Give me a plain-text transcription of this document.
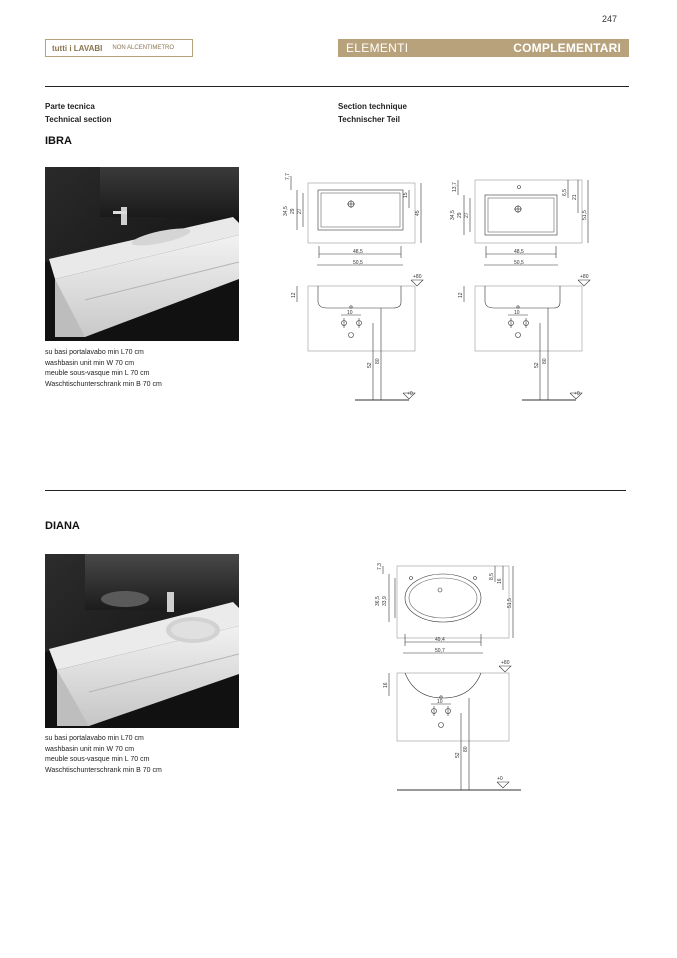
247
tutti i LAVABI NON ALCENTIMETRO	ELEMENTI	COMPLEMENTARI
Parte tecnica
Technical section
Section technique
Technischer Teil
IBRA
su basi portalavabo min L70 cm
washbasin unit min W 70 cm
meuble sous-vasque min L 70 cm
Waschtischunterschrank min B 70 cm
7,7
34,5 29 27
15
45
48,5
50,5
12
10
52
80
+80
+0
13,7
34,5 29 27
6,5
21
51,5
48,5
50,5
12
10
52
80
+80
+0
DIANA
su basi portalavabo min L70 cm
washbasin unit min W 70 cm
meuble sous-vasque min L 70 cm
Waschtischunterschrank min B 70 cm
7,3
36,5 33,9
8,5
16
51,5
49,4
50,7
16
10
52
80
+80
+0
